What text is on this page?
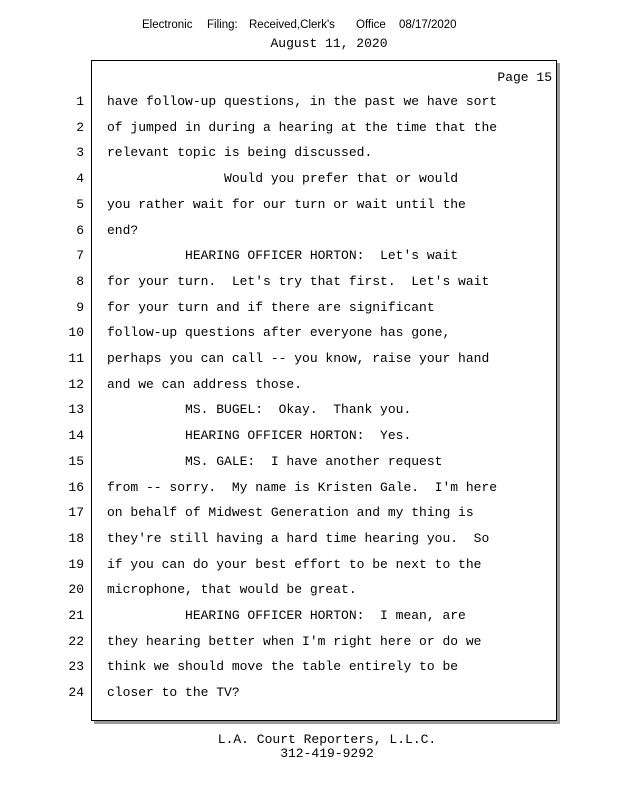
Electronic Filing: Received,Clerk's Office 08/17/2020
August 11, 2020
Page 15
1 have follow-up questions, in the past we have sort
2 of jumped in during a hearing at the time that the
3 relevant topic is being discussed.
4 Would you prefer that or would
5 you rather wait for our turn or wait until the
6 end?
7 HEARING OFFICER HORTON:  Let's wait
8 for your turn.  Let's try that first.  Let's wait
9 for your turn and if there are significant
10 follow-up questions after everyone has gone,
11 perhaps you can call -- you know, raise your hand
12 and we can address those.
13 MS. BUGEL:  Okay.  Thank you.
14 HEARING OFFICER HORTON:  Yes.
15 MS. GALE:  I have another request
16 from -- sorry.  My name is Kristen Gale.  I'm here
17 on behalf of Midwest Generation and my thing is
18 they're still having a hard time hearing you.  So
19 if you can do your best effort to be next to the
20 microphone, that would be great.
21 HEARING OFFICER HORTON:  I mean, are
22 they hearing better when I'm right here or do we
23 think we should move the table entirely to be
24 closer to the TV?
L.A. Court Reporters, L.L.C.
312-419-9292
